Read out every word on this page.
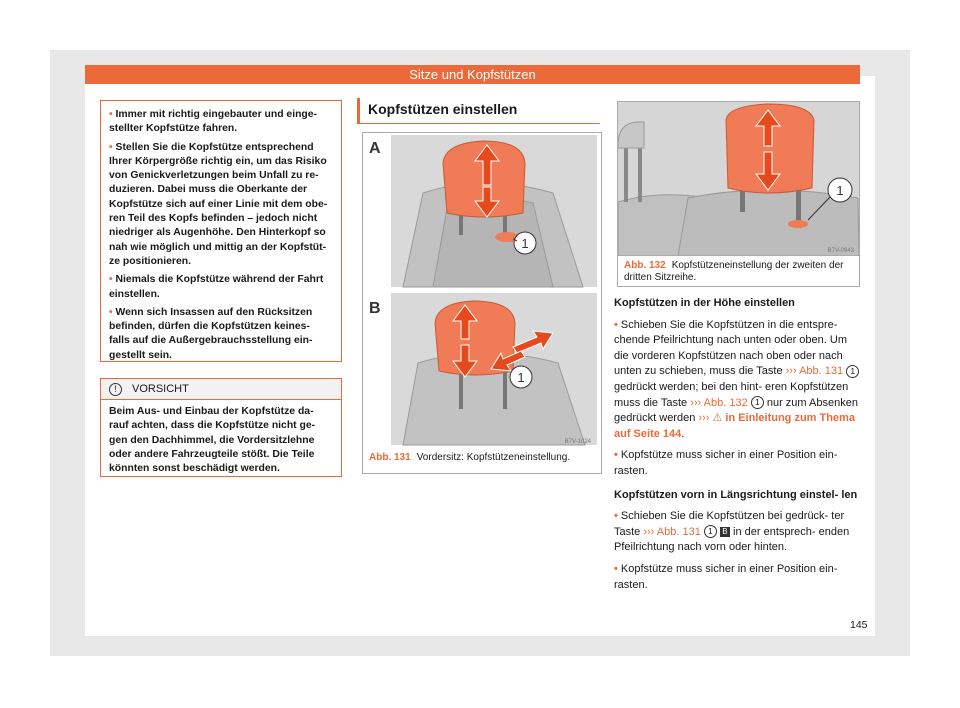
Sitze und Kopfstützen

• Immer mit richtig eingebauter und einge- stellter Kopfstütze fahren.

• Stellen Sie die Kopfstütze entsprechend Ihrer Körpergröße richtig ein, um das Risiko von Genickverletzungen beim Unfall zu re- duzieren. Dabei muss die Oberkante der Kopfstütze sich auf einer Linie mit dem obe- ren Teil des Kopfs befinden – jedoch nicht niedriger als Augenhöhe. Den Hinterkopf so nah wie möglich und mittig an der Kopfstüt- ze positionieren.

• Niemals die Kopfstütze während der Fahrt einstellen.

• Wenn sich Insassen auf den Rücksitzen befinden, dürfen die Kopfstützen keines- falls auf die Außergebrauchsstellung ein- gestellt sein.

! VORSICHT
Beim Aus- und Einbau der Kopfstütze da- rauf achten, dass die Kopfstütze nicht ge- gen den Dachhimmel, die Vordersitzlehne oder andere Fahrzeugteile stößt. Die Teile könnten sonst beschädigt werden.
Kopfstützen einstellen
1
A
1
B
B7V-1024
Abb. 131 Vordersitz: Kopfstützeneinstellung.
1
B7V-0943
Abb. 132 Kopfstützeneinstellung der zweiten der dritten Sitzreihe.

Kopfstützen in der Höhe einstellen

• Schieben Sie die Kopfstützen in die entspre- chende Pfeilrichtung nach unten oder oben. Um die vorderen Kopfstützen nach oben oder nach unten zu schieben, muss die Taste ››› Abb. 131 1 gedrückt werden; bei den hint- eren Kopfstützen muss die Taste ››› Abb. 132 1 nur zum Absenken gedrückt werden ››› ⚠ in Einleitung zum Thema auf Seite 144.

• Kopfstütze muss sicher in einer Position ein- rasten.

Kopfstützen vorn in Längsrichtung einstel- len

• Schieben Sie die Kopfstützen bei gedrück- ter Taste ››› Abb. 131 1 B in der entsprech- enden Pfeilrichtung nach vorn oder hinten.

• Kopfstütze muss sicher in einer Position ein- rasten.

145
